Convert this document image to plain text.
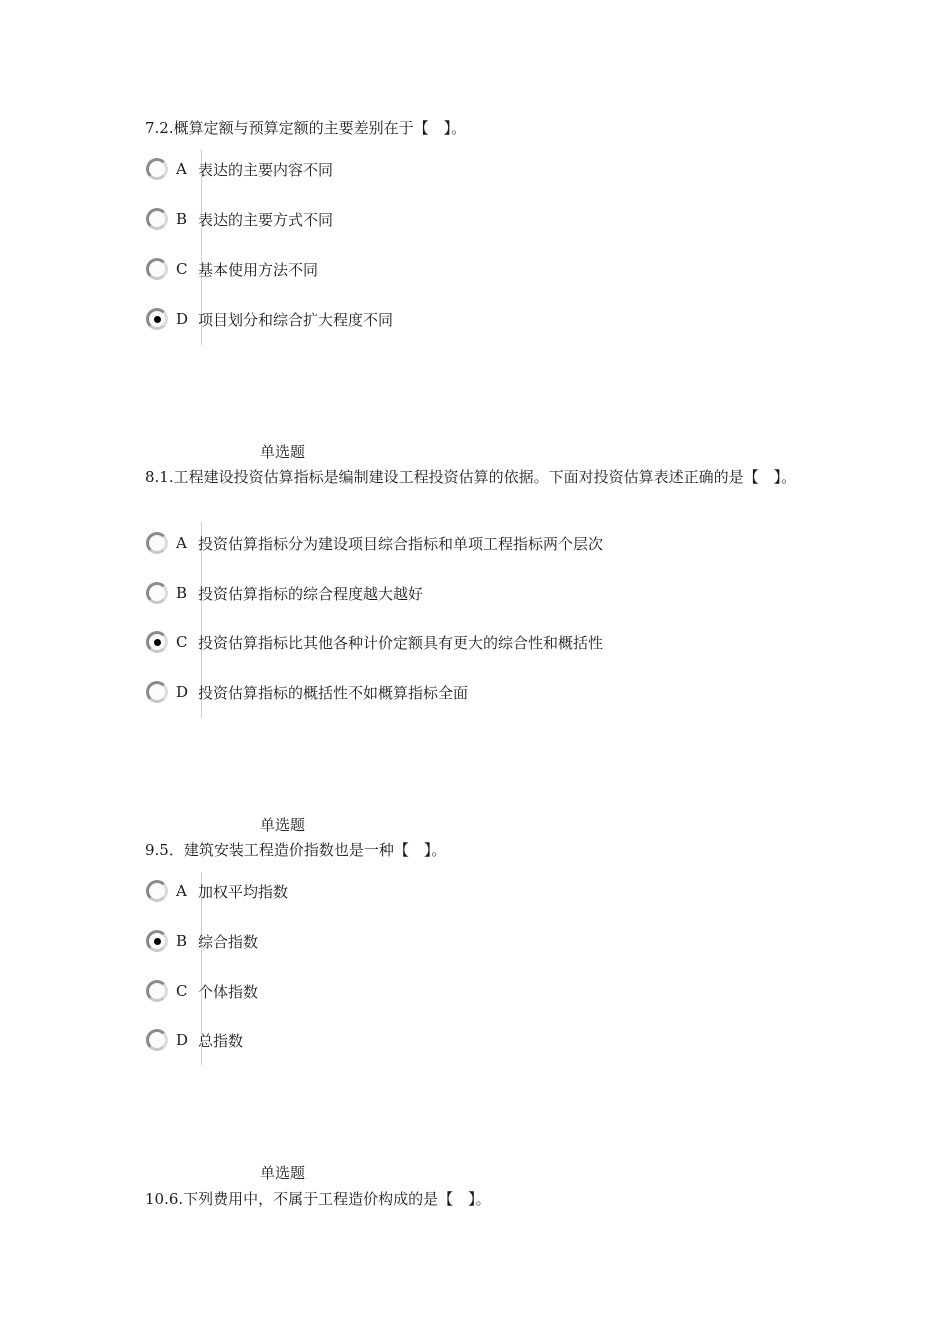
7.2.概算定额与预算定额的主要差别在于【　】。
A 表达的主要内容不同
B 表达的主要方式不同
C 基本使用方法不同
D 项目划分和综合扩大程度不同
单选题
8.1.工程建设投资估算指标是编制建设工程投资估算的依据。下面对投资估算表述正确的是【　】。
A 投资估算指标分为建设项目综合指标和单项工程指标两个层次
B 投资估算指标的综合程度越大越好
C 投资估算指标比其他各种计价定额具有更大的综合性和概括性
D 投资估算指标的概括性不如概算指标全面
单选题
9.5．建筑安装工程造价指数也是一种【　】。
A 加权平均指数
B 综合指数
C 个体指数
D 总指数
单选题
10.6.下列费用中，不属于工程造价构成的是【　】。
